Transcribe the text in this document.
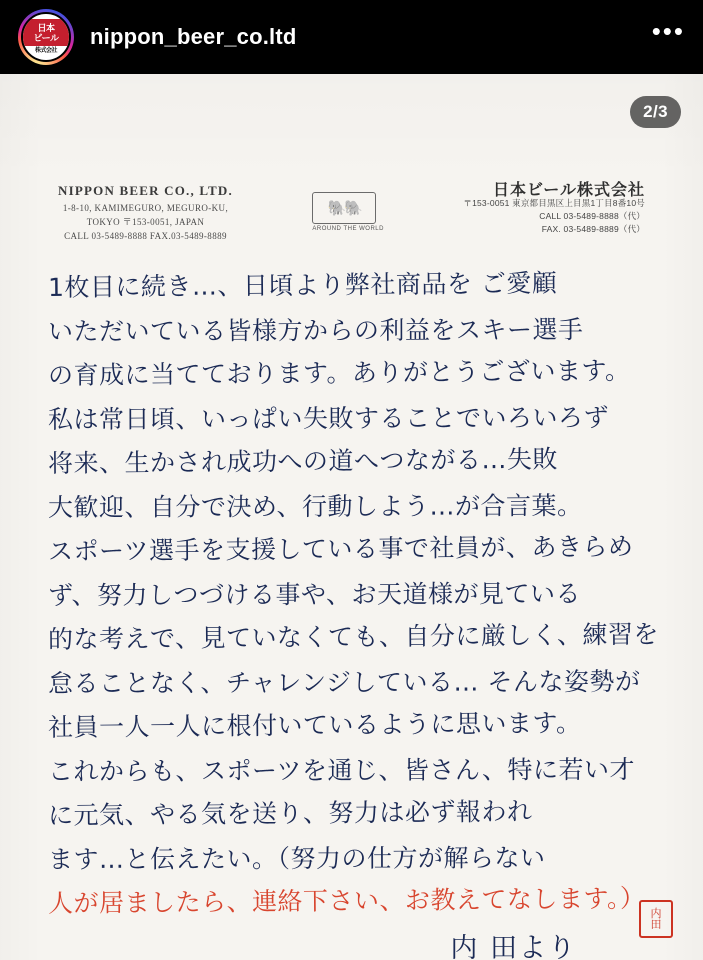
日本
ビール
株式会社
nippon_beer_co.ltd	•••
NIPPON BEER CO., LTD.
1-8-10, KAMIMEGURO, MEGURO-KU,
TOKYO 〒153-0051, JAPAN
CALL 03-5489-8888 FAX.03-5489-8889
🐘🐘
AROUND THE WORLD
日本ビール株式会社
〒153-0051 東京都目黒区上目黒1丁目8番10号
CALL 03-5489-8888（代）
FAX. 03-5489-8889（代）
1枚目に続き…、日頃より弊社商品を ご愛顧
いただいている皆様方からの利益をスキー選手
の育成に当てております。ありがとうございます。
私は常日頃、いっぱい失敗することでいろいろず
将来、生かされ成功への道へつながる…失敗
大歓迎、自分で決め、行動しよう…が合言葉。
スポーツ選手を支援している事で社員が、あきらめ
ず、努力しつづける事や、お天道様が見ている
的な考えで、見ていなくても、自分に厳しく、練習を
怠ることなく、チャレンジしている… そんな姿勢が
社員一人一人に根付いているように思います。
これからも、スポーツを通じ、皆さん、特に若い才
に元気、やる気を送り、努力は必ず報われ
ます…と伝えたい。（努力の仕方が解らない
人が居ましたら、連絡下さい、お教えてなします。）
内 田より
内
田
2/3
